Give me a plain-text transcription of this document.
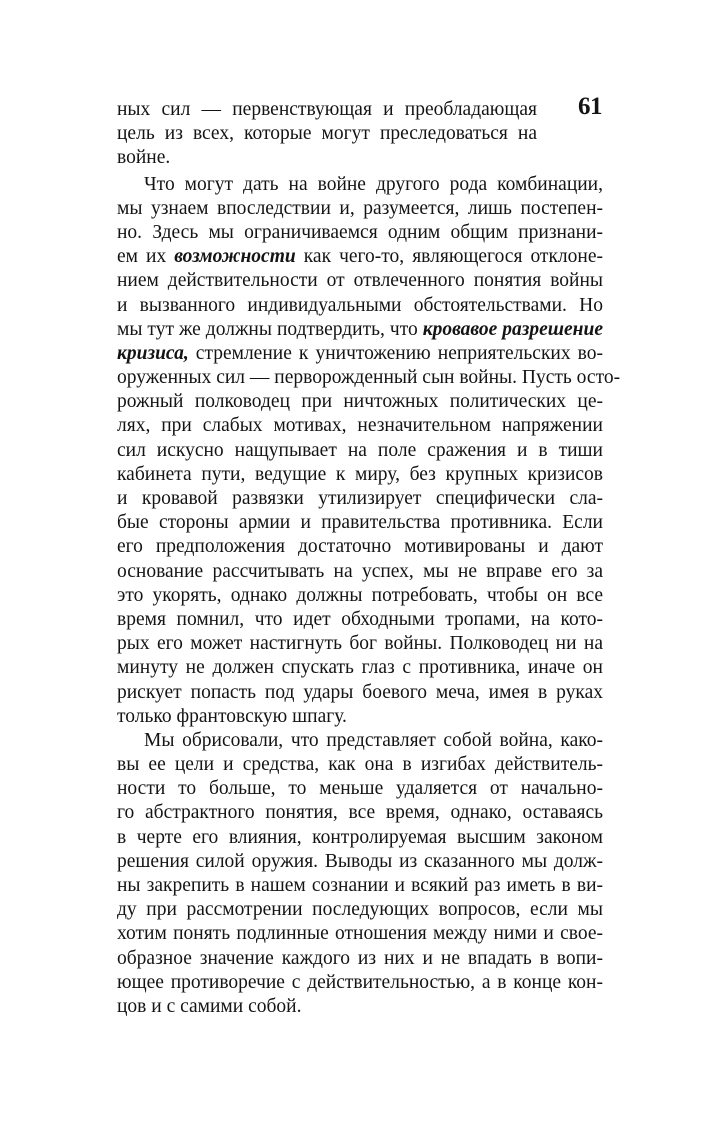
61
ных сил — первенствующая и преобладающая
цель из всех, которые могут преследоваться на
войне.
Что могут дать на войне другого рода комбинации,
мы узнаем впоследствии и, разумеется, лишь постепен-
но. Здесь мы ограничиваемся одним общим признани-
ем их возможности как чего-то, являющегося отклоне-
нием действительности от отвлеченного понятия войны
и вызванного индивидуальными обстоятельствами. Но
мы тут же должны подтвердить, что кровавое разрешение
кризиса, стремление к уничтожению неприятельских во-
оруженных сил — перворожденный сын войны. Пусть осто-
рожный полководец при ничтожных политических це-
лях, при слабых мотивах, незначительном напряжении
сил искусно нащупывает на поле сражения и в тиши
кабинета пути, ведущие к миру, без крупных кризисов
и кровавой развязки утилизирует специфически сла-
бые стороны армии и правительства противника. Если
его предположения достаточно мотивированы и дают
основание рассчитывать на успех, мы не вправе его за
это укорять, однако должны потребовать, чтобы он все
время помнил, что идет обходными тропами, на кото-
рых его может настигнуть бог войны. Полководец ни на
минуту не должен спускать глаз с противника, иначе он
рискует попасть под удары боевого меча, имея в руках
только франтовскую шпагу.
Мы обрисовали, что представляет собой война, како-
вы ее цели и средства, как она в изгибах действитель-
ности то больше, то меньше удаляется от начально-
го абстрактного понятия, все время, однако, оставаясь
в черте его влияния, контролируемая высшим законом
решения силой оружия. Выводы из сказанного мы долж-
ны закрепить в нашем сознании и всякий раз иметь в ви-
ду при рассмотрении последующих вопросов, если мы
хотим понять подлинные отношения между ними и свое-
образное значение каждого из них и не впадать в вопи-
ющее противоречие с действительностью, а в конце кон-
цов и с самими собой.
